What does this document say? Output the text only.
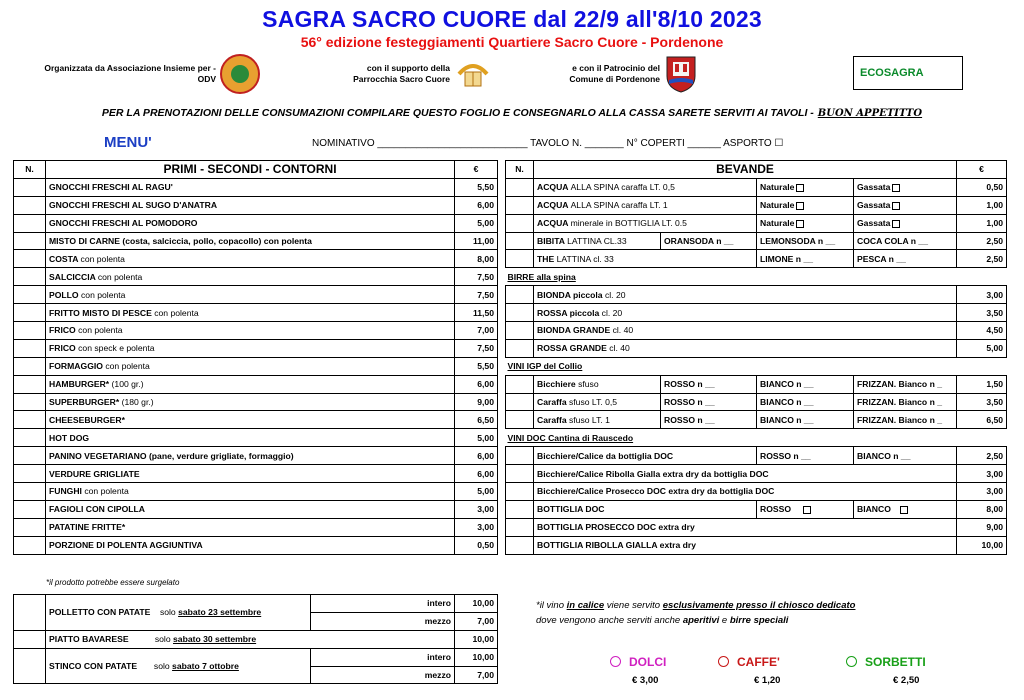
SAGRA SACRO CUORE dal 22/9 all'8/10 2023
56° edizione festeggiamenti Quartiere Sacro Cuore - Pordenone
Organizzata da Associazione Insieme per -
ODV
con il supporto della
Parrocchia Sacro Cuore
e con il Patrocinio del
Comune di Pordenone	ECOSAGRA
PER LA PRENOTAZIONI DELLE CONSUMAZIONI COMPILARE QUESTO FOGLIO E CONSEGNARLO ALLA CASSA SARETE SERVITI AI TAVOLI - BUON APPETITTO
MENU'	NOMINATIVO ___________________________ TAVOLO N. _______ N° COPERTI ______ ASPORTO ☐
N.	PRIMI - SECONDI - CONTORNI	€
	GNOCCHI FRESCHI AL RAGU'	5,50
	GNOCCHI FRESCHI AL SUGO D'ANATRA	6,00
	GNOCCHI FRESCHI AL POMODORO	5,00
	MISTO DI CARNE (costa, salciccia, pollo, copacollo) con polenta	11,00
	COSTA con polenta	8,00
	SALCICCIA con polenta	7,50
	POLLO con polenta	7,50
	FRITTO MISTO DI PESCE con polenta	11,50
	FRICO con polenta	7,00
	FRICO con speck e polenta	7,50
	FORMAGGIO con polenta	5,50
	HAMBURGER* (100 gr.)	6,00
	SUPERBURGER* (180 gr.)	9,00
	CHEESEBURGER*	6,50
	HOT DOG	5,00
	PANINO VEGETARIANO (pane, verdure grigliate, formaggio)	6,00
	VERDURE GRIGLIATE	6,00
	FUNGHI con polenta	5,00
	FAGIOLI CON CIPOLLA	3,00
	PATATINE FRITTE*	3,00
	PORZIONE DI POLENTA AGGIUNTIVA	0,50
*il prodotto potrebbe essere surgelato
	POLLETTO CON PATATE solo sabato 23 settembre	intero	10,00
		mezzo	7,00
	PIATTO BAVARESE solo sabato 30 settembre		10,00
	STINCO CON PATATE solo sabato 7 ottobre	intero	10,00
		mezzo	7,00
N.	BEVANDE				€
	ACQUA ALLA SPINA caraffa LT. 0,5		Naturale	Gassata	0,50
	ACQUA ALLA SPINA caraffa LT. 1		Naturale	Gassata	1,00
	ACQUA minerale in BOTTIGLIA LT. 0.5		Naturale	Gassata	1,00
	BIBITA LATTINA CL.33	ORANSODA n __	LEMONSODA n __	COCA COLA n __	2,50
	THE LATTINA cl. 33		LIMONE n __	PESCA n __	2,50
BIRRE alla spina					
	BIONDA piccola cl. 20				3,00
	ROSSA piccola cl. 20				3,50
	BIONDA GRANDE cl. 40				4,50
	ROSSA GRANDE cl. 40				5,00
VINI IGP del Collio					
	Bicchiere sfuso	ROSSO n __	BIANCO n __	FRIZZAN. Bianco n _	1,50
	Caraffa sfuso LT. 0,5	ROSSO n __	BIANCO n __	FRIZZAN. Bianco n _	3,50
	Caraffa sfuso LT. 1	ROSSO n __	BIANCO n __	FRIZZAN. Bianco n _	6,50
VINI DOC Cantina di Rauscedo					
	Bicchiere/Calice da bottiglia DOC		ROSSO n __	BIANCO n __	2,50
	Bicchiere/Calice Ribolla Gialla extra dry da bottiglia DOC				3,00
	Bicchiere/Calice Prosecco DOC extra dry da bottiglia DOC				3,00
	BOTTIGLIA DOC		ROSSO	BIANCO	8,00
	BOTTIGLIA PROSECCO DOC extra dry				9,00
	BOTTIGLIA RIBOLLA GIALLA extra dry				10,00
*il vino in calice viene servito esclusivamente presso il chiosco dedicato
dove vengono anche serviti anche aperitivi e birre speciali
DOLCI	CAFFE'	SORBETTI
€ 3,00	€ 1,20	€ 2,50
